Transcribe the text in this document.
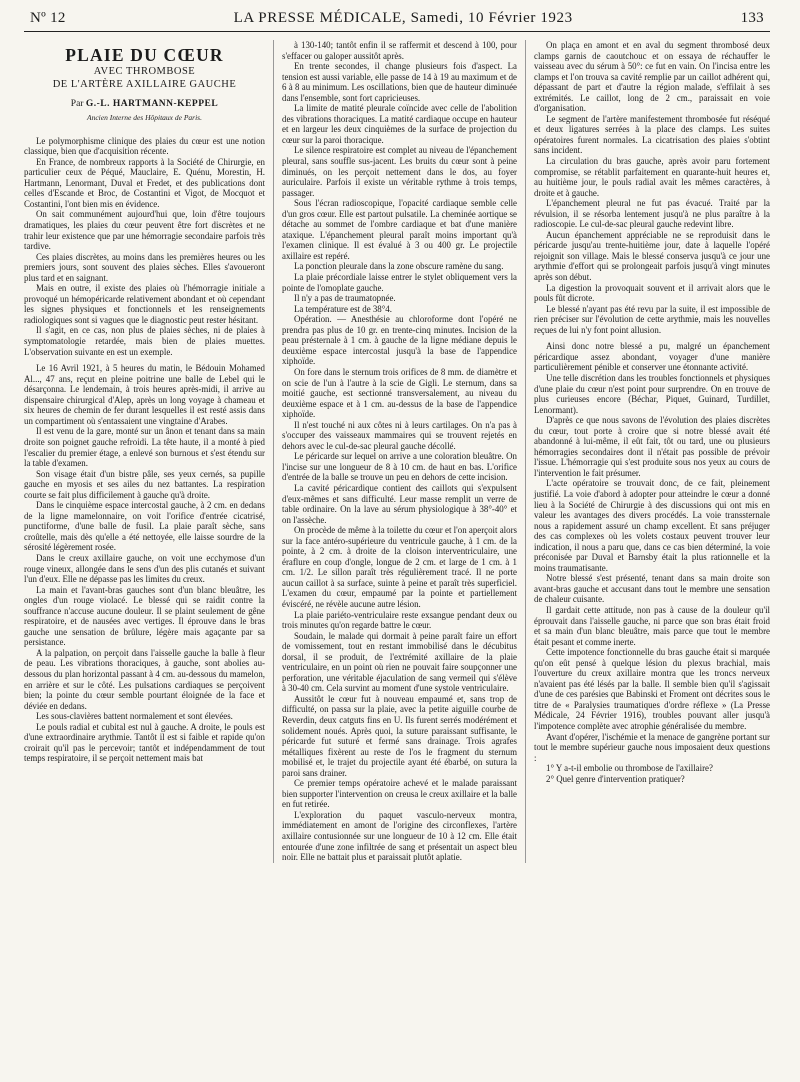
Nº 12	LA PRESSE MÉDICALE, Samedi, 10 Février 1923	133
PLAIE DU CŒUR
AVEC THROMBOSE
DE L'ARTÈRE AXILLAIRE GAUCHE
Par G.-L. HARTMANN-KEPPEL
Ancien Interne des Hôpitaux de Paris.

Le polymorphisme clinique des plaies du cœur est une notion classique, bien que d'acquisition récente.

En France, de nombreux rapports à la Société de Chirurgie, en particulier ceux de Péqué, Mauclaire, E. Quénu, Morestin, H. Hartmann, Lenormant, Duval et Fredet, et des publications dont celles d'Escande et Broc, de Costantini et Vigot, de Mocquot et Costantini, l'ont bien mis en évidence.

On sait communément aujourd'hui que, loin d'être toujours dramatiques, les plaies du cœur peuvent être fort discrètes et ne trahir leur existence que par une hémorragie secondaire parfois très tardive.

Ces plaies discrètes, au moins dans les premières heures ou les premiers jours, sont souvent des plaies sèches. Elles s'avoueront plus tard et en saignant.

Mais en outre, il existe des plaies où l'hémorragie initiale a provoqué un hémopéricarde relativement abondant et où cependant les signes physiques et fonctionnels et les renseignements radiologiques sont si vagues que le diagnostic peut rester hésitant.

Il s'agit, en ce cas, non plus de plaies sèches, ni de plaies à symptomatologie retardée, mais bien de plaies muettes. L'observation suivante en est un exemple.

Le 16 Avril 1921, à 5 heures du matin, le Bédouin Mohamed Al..., 47 ans, reçut en pleine poitrine une balle de Lebel qui le désarçonna. Le lendemain, à trois heures après-midi, il arrive au dispensaire chirurgical d'Alep, après un long voyage à chameau et six heures de chemin de fer durant lesquelles il est resté assis dans un compartiment où s'entassaient une vingtaine d'Arabes.

Il est venu de la gare, monté sur un ânon et tenant dans sa main droite son poignet gauche refroidi. La tête haute, il a monté à pied l'escalier du premier étage, a enlevé son burnous et s'est étendu sur la table d'examen.

Son visage était d'un bistre pâle, ses yeux cernés, sa pupille gauche en myosis et ses ailes du nez battantes. La respiration courte se fait plus difficilement à gauche qu'à droite.

Dans le cinquième espace intercostal gauche, à 2 cm. en dedans de la ligne mamelonnaire, on voit l'orifice d'entrée cicatrisé, punctiforme, d'une balle de fusil. La plaie paraît sèche, sans croûtelle, mais dès qu'elle a été nettoyée, elle laisse sourdre de la sérosité légèrement rosée.

Dans le creux axillaire gauche, on voit une ecchymose d'un rouge vineux, allongée dans le sens d'un des plis cutanés et suivant l'un d'eux. Elle ne dépasse pas les limites du creux.

La main et l'avant-bras gauches sont d'un blanc bleuâtre, les ongles d'un rouge violacé. Le blessé qui se raidit contre la souffrance n'accuse aucune douleur. Il se plaint seulement de gêne respiratoire, et de nausées avec vertiges. Il éprouve dans le bras gauche une sensation de brûlure, légère mais agaçante par sa persistance.

A la palpation, on perçoit dans l'aisselle gauche la balle à fleur de peau. Les vibrations thoraciques, à gauche, sont abolies au-dessous du plan horizontal passant à 4 cm. au-dessous du mamelon, en arrière et sur le côté. Les pulsations cardiaques se perçoivent bien; la pointe du cœur semble pourtant éloignée de la face et déviée en dedans.

Les sous-clavières battent normalement et sont élevées.

Le pouls radial et cubital est nul à gauche. A droite, le pouls est d'une extraordinaire arythmie. Tantôt il est si faible et rapide qu'on croirait qu'il pas le percevoir; tantôt et indépendamment de tout temps respiratoire, il se perçoit nettement mais bat

à 130-140; tantôt enfin il se raffermit et descend à 100, pour s'effacer ou galoper aussitôt après.

En trente secondes, il change plusieurs fois d'aspect. La tension est aussi variable, elle passe de 14 à 19 au maximum et de 6 à 8 au minimum. Les oscillations, bien que de hauteur diminuée dans l'ensemble, sont fort capricieuses.

La limite de matité pleurale coïncide avec celle de l'abolition des vibrations thoraciques. La matité cardiaque occupe en hauteur et en largeur les deux cinquièmes de la surface de projection du cœur sur la paroi thoracique.

Le silence respiratoire est complet au niveau de l'épanchement pleural, sans souffle sus-jacent. Les bruits du cœur sont à peine diminués, on les perçoit nettement dans le dos, au foyer auriculaire. Parfois il existe un véritable rythme à trois temps, passager.

Sous l'écran radioscopique, l'opacité cardiaque semble celle d'un gros cœur. Elle est partout pulsatile. La cheminée aortique se détache au sommet de l'ombre cardiaque et bat d'une manière ataxique. L'épanchement pleural paraît moins important qu'à l'examen clinique. Il est évalué à 3 ou 400 gr. Le projectile axillaire est repéré.

La ponction pleurale dans la zone obscure ramène du sang.

La plaie précordiale laisse entrer le stylet obliquement vers la pointe de l'omoplate gauche.

Il n'y a pas de traumatopnée.

La température est de 38°4.

Opération. — Anesthésie au chloroforme dont l'opéré ne prendra pas plus de 10 gr. en trente-cinq minutes. Incision de la peau présternale à 1 cm. à gauche de la ligne médiane depuis le deuxième espace intercostal jusqu'à la base de l'appendice xiphoïde.

On fore dans le sternum trois orifices de 8 mm. de diamètre et on scie de l'un à l'autre à la scie de Gigli. Le sternum, dans sa moitié gauche, est sectionné transversalement, au niveau du deuxième espace et à 1 cm. au-dessus de la base de l'appendice xiphoïde.

Il n'est touché ni aux côtes ni à leurs cartilages. On n'a pas à s'occuper des vaisseaux mammaires qui se trouvent rejetés en dehors avec le cul-de-sac pleural gauche décollé.

Le péricarde sur lequel on arrive a une coloration bleuâtre. On l'incise sur une longueur de 8 à 10 cm. de haut en bas. L'orifice d'entrée de la balle se trouve un peu en dehors de cette incision.

La cavité péricardique contient des caillots qui s'expulsent d'eux-mêmes et sans difficulté. Leur masse remplit un verre de table ordinaire. On la lave au sérum physiologique à 38°-40° et on l'assèche.

On procède de même à la toilette du cœur et l'on aperçoit alors sur la face antéro-supérieure du ventricule gauche, à 1 cm. de la pointe, à 2 cm. à droite de la cloison interventriculaire, une éraflure en coup d'ongle, longue de 2 cm. et large de 1 cm. à 1 cm. 1/2. Le sillon paraît très régulièrement tracé. Il ne porte aucun caillot à sa surface, suinte à peine et paraît très superficiel. L'examen du cœur, empaumé par la pointe et partiellement éviscéré, ne révèle aucune autre lésion.

La plaie pariéto-ventriculaire reste exsangue pendant deux ou trois minutes qu'on regarde battre le cœur.

Soudain, le malade qui dormait à peine paraît faire un effort de vomissement, tout en restant immobilisé dans le décubitus dorsal, il se produit, de l'extrémité axillaire de la plaie ventriculaire, en un point où rien ne pouvait faire soupçonner une perforation, une véritable éjaculation de sang vermeil qui s'élève à 30-40 cm. Cela survint au moment d'une systole ventriculaire.

Aussitôt le cœur fut à nouveau empaumé et, sans trop de difficulté, on passa sur la plaie, avec la petite aiguille courbe de Reverdin, deux catguts fins en U. Ils furent serrés modérément et solidement noués. Après quoi, la suture paraissant suffisante, le péricarde fut suturé et fermé sans drainage. Trois agrafes métalliques fixèrent au reste de l'os le fragment du sternum mobilisé et, le trajet du projectile ayant été ébarbé, on sutura la paroi sans drainer.

Ce premier temps opératoire achevé et le malade paraissant bien supporter l'intervention on creusa le creux axillaire et la balle en fut retirée.

L'exploration du paquet vasculo-nerveux montra, immédiatement en amont de l'origine des circonflexes, l'artère axillaire contusionnée sur une longueur de 10 à 12 cm. Elle était entourée d'une zone infiltrée de sang et présentait un aspect bleu noir. Elle ne battait plus et paraissait plutôt aplatie.

On plaça en amont et en aval du segment thrombosé deux clamps garnis de caoutchouc et on essaya de réchauffer le vaisseau avec du sérum à 50°: ce fut en vain. On l'incisa entre les clamps et l'on trouva sa cavité remplie par un caillot adhérent qui, dépassant de part et d'autre la région malade, s'effilait à ses extrémités. Le caillot, long de 2 cm., paraissait en voie d'organisation.

Le segment de l'artère manifestement thrombosée fut réséqué et deux ligatures serrées à la place des clamps. Les suites opératoires furent normales. La cicatrisation des plaies s'obtint sans incident.

La circulation du bras gauche, après avoir paru fortement compromise, se rétablit parfaitement en quarante-huit heures et, au huitième jour, le pouls radial avait les mêmes caractères, à droite et à gauche.

L'épanchement pleural ne fut pas évacué. Traité par la révulsion, il se résorba lentement jusqu'à ne plus paraître à la radioscopie. Le cul-de-sac pleural gauche redevint libre.

Aucun épanchement appréciable ne se reproduisit dans le péricarde jusqu'au trente-huitième jour, date à laquelle l'opéré rejoignit son village. Mais le blessé conserva jusqu'à ce jour une arythmie d'effort qui se prolongeait parfois jusqu'à vingt minutes après son début.

La digestion la provoquait souvent et il arrivait alors que le pouls fût dicrote.

Le blessé n'ayant pas été revu par la suite, il est impossible de rien préciser sur l'évolution de cette arythmie, mais les nouvelles reçues de lui n'y font point allusion.

Ainsi donc notre blessé a pu, malgré un épanchement péricardique assez abondant, voyager d'une manière particulièrement pénible et conserver une étonnante activité.

Une telle discrétion dans les troubles fonctionnels et physiques d'une plaie du cœur n'est point pour surprendre. On en trouve de plus curieuses encore (Béchar, Piquet, Guinard, Turdillet, Lenormant).

D'après ce que nous savons de l'évolution des plaies discrètes du cœur, tout porte à croire que si notre blessé avait été abandonné à lui-même, il eût fait, tôt ou tard, une ou plusieurs hémorragies secondaires dont il n'était pas possible de prévoir l'issue. L'hémorragie qui s'est produite sous nos yeux au cours de l'intervention le fait présumer.

L'acte opératoire se trouvait donc, de ce fait, pleinement justifié. La voie d'abord à adopter pour atteindre le cœur a donné lieu à la Société de Chirurgie à des discussions qui ont mis en valeur les avantages des divers procédés. La voie transsternale nous a rapidement assuré un champ excellent. Et sans préjuger des cas complexes où les volets costaux peuvent trouver leur indication, il nous a paru que, dans ce cas bien déterminé, la voie préconisée par Duval et Barnsby était la plus rationnelle et la moins traumatisante.

Notre blessé s'est présenté, tenant dans sa main droite son avant-bras gauche et accusant dans tout le membre une sensation de chaleur cuisante.

Il gardait cette attitude, non pas à cause de la douleur qu'il éprouvait dans l'aisselle gauche, ni parce que son bras était froid et sa main d'un blanc bleuâtre, mais parce que tout le membre était pesant et comme inerte.

Cette impotence fonctionnelle du bras gauche était si marquée qu'on eût pensé à quelque lésion du plexus brachial, mais l'ouverture du creux axillaire montra que les troncs nerveux n'avaient pas été lésés par la balle. Il semble bien qu'il s'agissait d'une de ces parésies que Babinski et Froment ont décrites sous le titre de « Paralysies traumatiques d'ordre réflexe » (La Presse Médicale, 24 Février 1916), troubles pouvant aller jusqu'à l'impotence complète avec atrophie généralisée du membre.

Avant d'opérer, l'ischémie et la menace de gangrène portant sur tout le membre supérieur gauche nous imposaient deux questions :

1° Y a-t-il embolie ou thrombose de l'axillaire?

2° Quel genre d'intervention pratiquer?
